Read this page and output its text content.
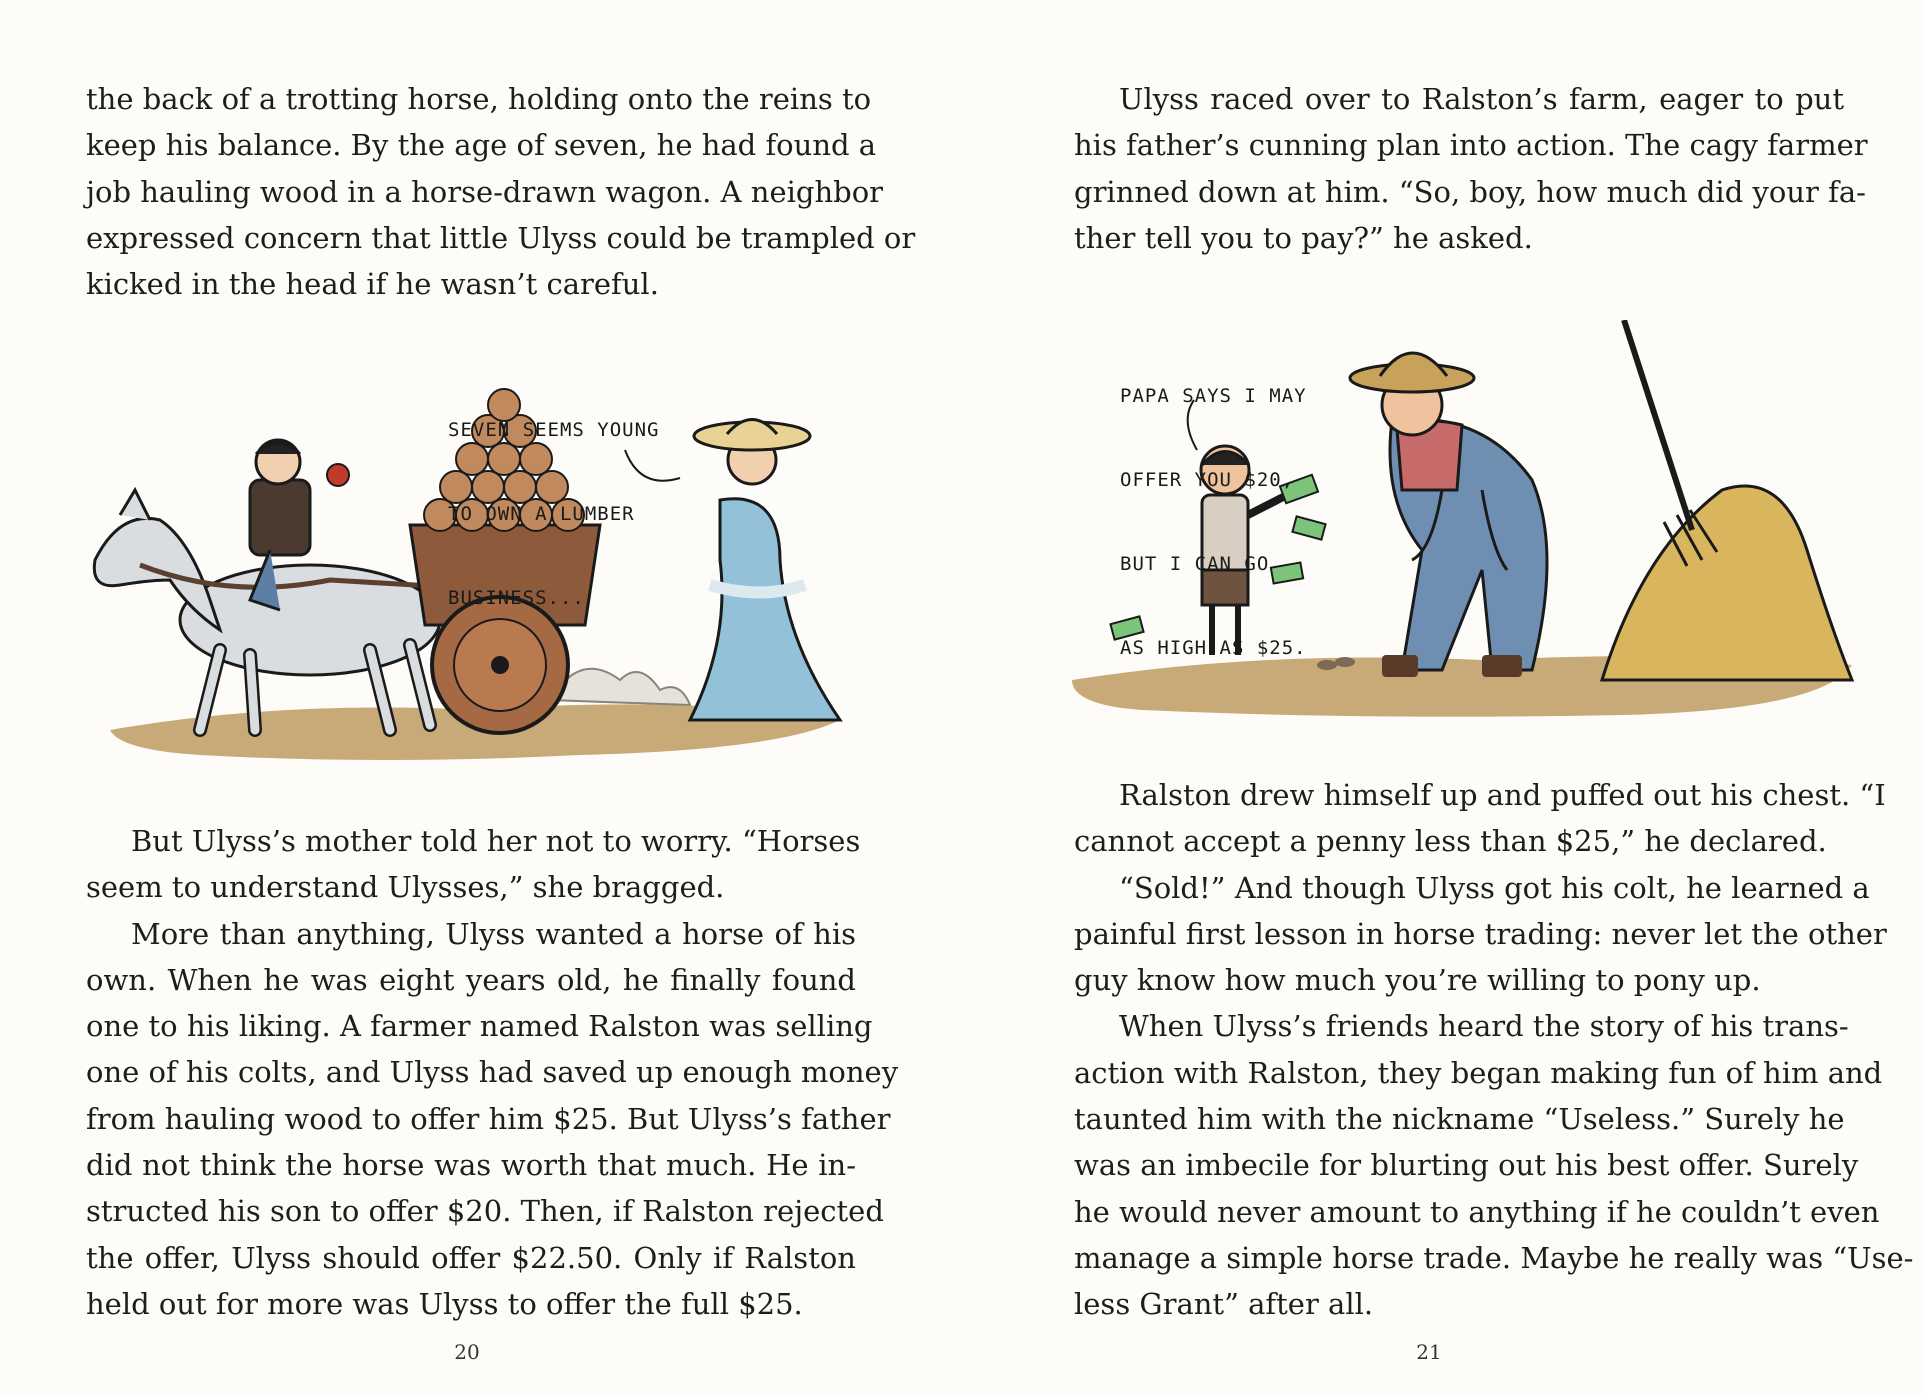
the back of a trotting horse, holding onto the reins to

keep his balance. By the age of seven, he had found a

job hauling wood in a horse-drawn wagon. A neighbor

expressed concern that little Ulyss could be trampled or

kicked in the head if he wasn’t careful.

SEVEN SEEMS YOUNG

TO OWN A LUMBER

BUSINESS...

But Ulyss’s mother told her not to worry. “Horses

seem to understand Ulysses,” she bragged.

More than anything, Ulyss wanted a horse of his

own. When he was eight years old, he finally found

one to his liking. A farmer named Ralston was selling

one of his colts, and Ulyss had saved up enough money

from hauling wood to offer him $25. But Ulyss’s father

did not think the horse was worth that much. He in-

structed his son to offer $20. Then, if Ralston rejected

the offer, Ulyss should offer $22.50. Only if Ralston

held out for more was Ulyss to offer the full $25.

20

Ulyss raced over to Ralston’s farm, eager to put

his father’s cunning plan into action. The cagy farmer

grinned down at him. “So, boy, how much did your fa-

ther tell you to pay?” he asked.

PAPA SAYS I MAY

OFFER YOU $20,

BUT I CAN GO

AS HIGH AS $25.

Ralston drew himself up and puffed out his chest. “I

cannot accept a penny less than $25,” he declared.

“Sold!” And though Ulyss got his colt, he learned a

painful first lesson in horse trading: never let the other

guy know how much you’re willing to pony up.

When Ulyss’s friends heard the story of his trans-

action with Ralston, they began making fun of him and

taunted him with the nickname “Useless.” Surely he

was an imbecile for blurting out his best offer. Surely

he would never amount to anything if he couldn’t even

manage a simple horse trade. Maybe he really was “Use-

less Grant” after all.

21
